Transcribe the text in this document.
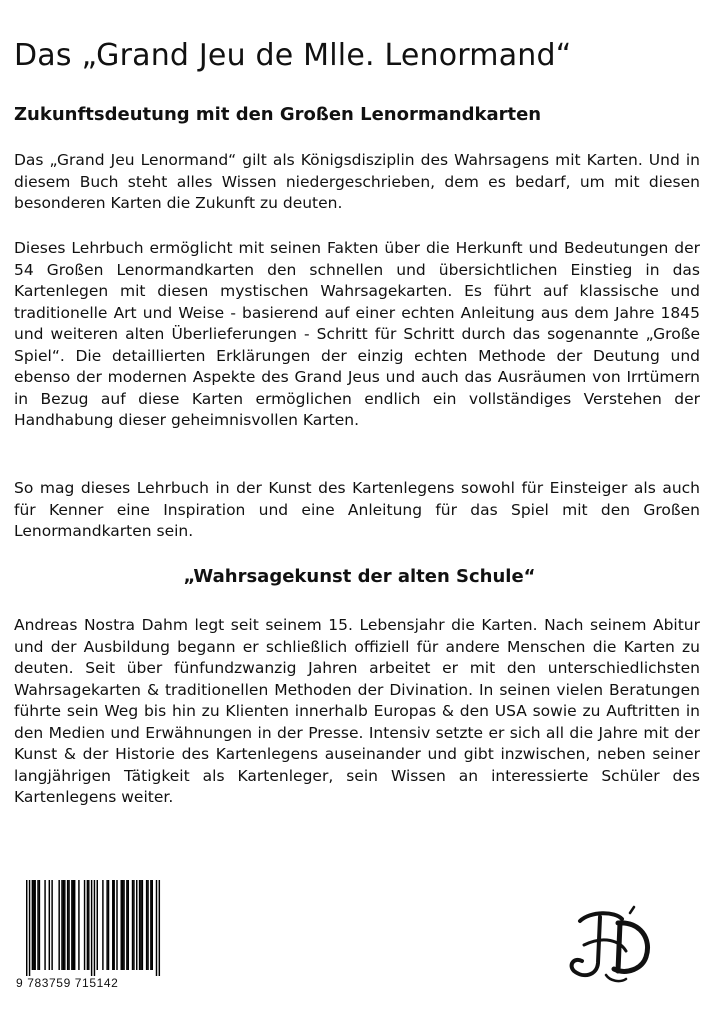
Das „Grand Jeu de Mlle. Lenormand“
Zukunftsdeutung mit den Großen Lenormandkarten

Das „Grand Jeu Lenormand“ gilt als Königsdisziplin des Wahrsagens mit Karten. Und in diesem Buch steht alles Wissen niedergeschrieben, dem es bedarf, um mit diesen besonderen Karten die Zukunft zu deuten.

Dieses Lehrbuch ermöglicht mit seinen Fakten über die Herkunft und Bedeutungen der 54 Großen Lenormandkarten den schnellen und übersichtlichen Einstieg in das Kartenlegen mit diesen mystischen Wahrsagekarten. Es führt auf klassische und traditionelle Art und Weise - basierend auf einer echten Anleitung aus dem Jahre 1845 und weiteren alten Überlieferungen - Schritt für Schritt durch das sogenannte „Große Spiel“. Die detaillierten Erklärungen der einzig echten Methode der Deutung und ebenso der modernen Aspekte des Grand Jeus und auch das Ausräumen von Irrtümern in Bezug auf diese Karten ermöglichen endlich ein vollständiges Verstehen der Handhabung dieser geheimnisvollen Karten.

So mag dieses Lehrbuch in der Kunst des Kartenlegens sowohl für Einsteiger als auch für Kenner eine Inspiration und eine Anleitung für das Spiel mit den Großen Lenormandkarten sein.

„Wahrsagekunst der alten Schule“

Andreas Nostra Dahm legt seit seinem 15. Lebensjahr die Karten. Nach seinem Abitur und der Ausbildung begann er schließlich offiziell für andere Menschen die Karten zu deuten. Seit über fünfundzwanzig Jahren arbeitet er mit den unterschiedlichsten Wahrsagekarten & traditionellen Methoden der Divination. In seinen vielen Beratungen führte sein Weg bis hin zu Klienten innerhalb Europas & den USA sowie zu Auftritten in den Medien und Erwähnungen in der Presse. Intensiv setzte er sich all die Jahre mit der Kunst & der Historie des Kartenlegens auseinander und gibt inzwischen, neben seiner langjährigen Tätigkeit als Kartenleger, sein Wissen an interessierte Schüler des Kartenlegens weiter.

9 783759 715142
